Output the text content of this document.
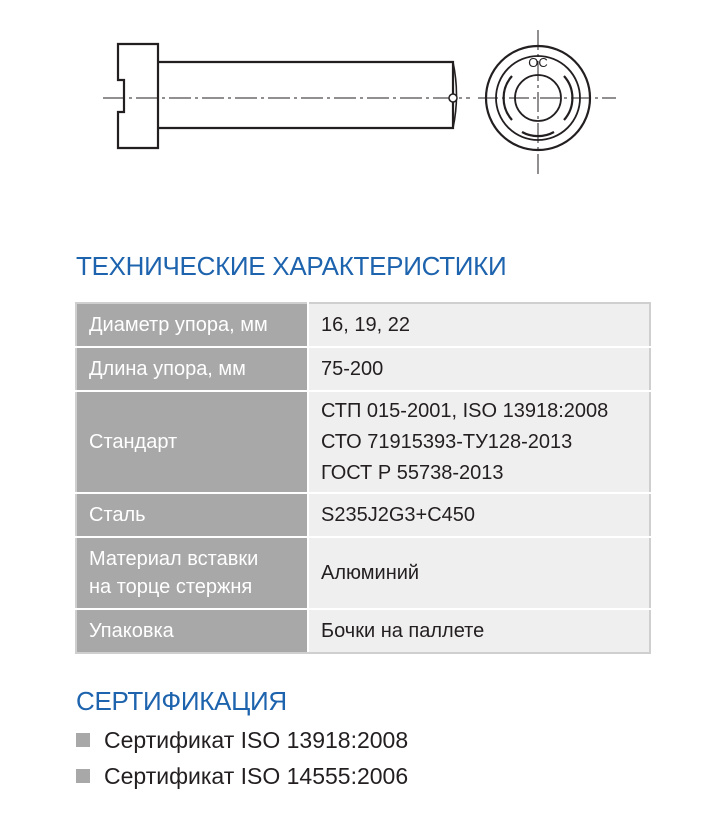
ОС
ТЕХНИЧЕСКИЕ ХАРАКТЕРИСТИКИ
Диаметр упора, мм	16, 19, 22
Длина упора, мм	75-200
Стандарт	СТП 015-2001, ISO 13918:2008
СТО 71915393-ТУ128-2013
ГОСТ Р 55738-2013

Сталь	S235J2G3+C450

Материал вставки
на торце стержня	Алюминий
Упаковка	Бочки на паллете
СЕРТИФИКАЦИЯ
Сертификат ISO 13918:2008
Сертификат ISO 14555:2006
